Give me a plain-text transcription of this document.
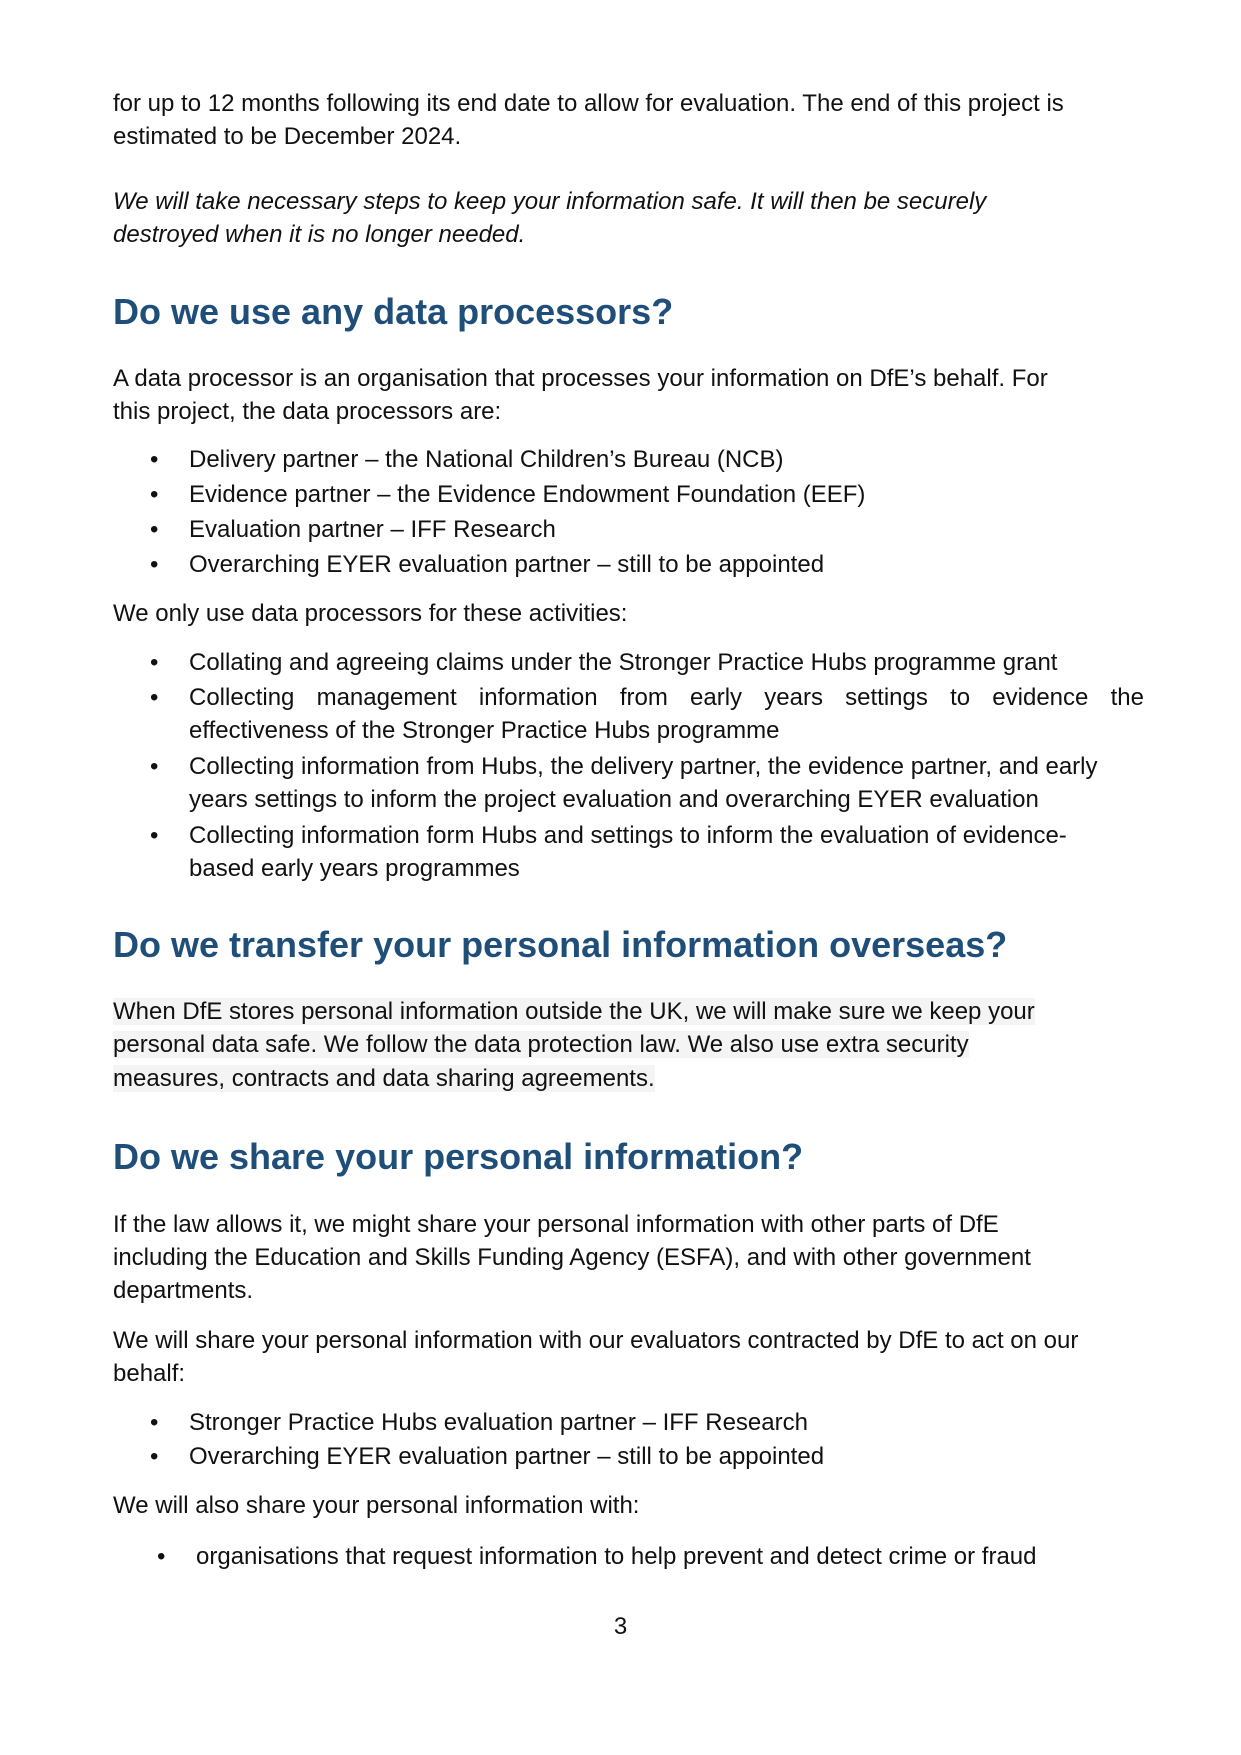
for up to 12 months following its end date to allow for evaluation. The end of this project is
estimated to be December 2024.
We will take necessary steps to keep your information safe. It will then be securely
destroyed when it is no longer needed.
Do we use any data processors?
A data processor is an organisation that processes your information on DfE’s behalf. For
this project, the data processors are:
• Delivery partner – the National Children’s Bureau (NCB)
• Evidence partner – the Evidence Endowment Foundation (EEF)
• Evaluation partner – IFF Research
• Overarching EYER evaluation partner – still to be appointed
We only use data processors for these activities:
• Collating and agreeing claims under the Stronger Practice Hubs programme grant
• Collecting management information from early years settings to evidence the
effectiveness of the Stronger Practice Hubs programme
• Collecting information from Hubs, the delivery partner, the evidence partner, and early
years settings to inform the project evaluation and overarching EYER evaluation
• Collecting information form Hubs and settings to inform the evaluation of evidence-
based early years programmes
Do we transfer your personal information overseas?
When DfE stores personal information outside the UK, we will make sure we keep your
personal data safe. We follow the data protection law. We also use extra security
measures, contracts and data sharing agreements.
Do we share your personal information?
If the law allows it, we might share your personal information with other parts of DfE
including the Education and Skills Funding Agency (ESFA), and with other government
departments.
We will share your personal information with our evaluators contracted by DfE to act on our
behalf:
• Stronger Practice Hubs evaluation partner – IFF Research
• Overarching EYER evaluation partner – still to be appointed
We will also share your personal information with:
• organisations that request information to help prevent and detect crime or fraud
3
